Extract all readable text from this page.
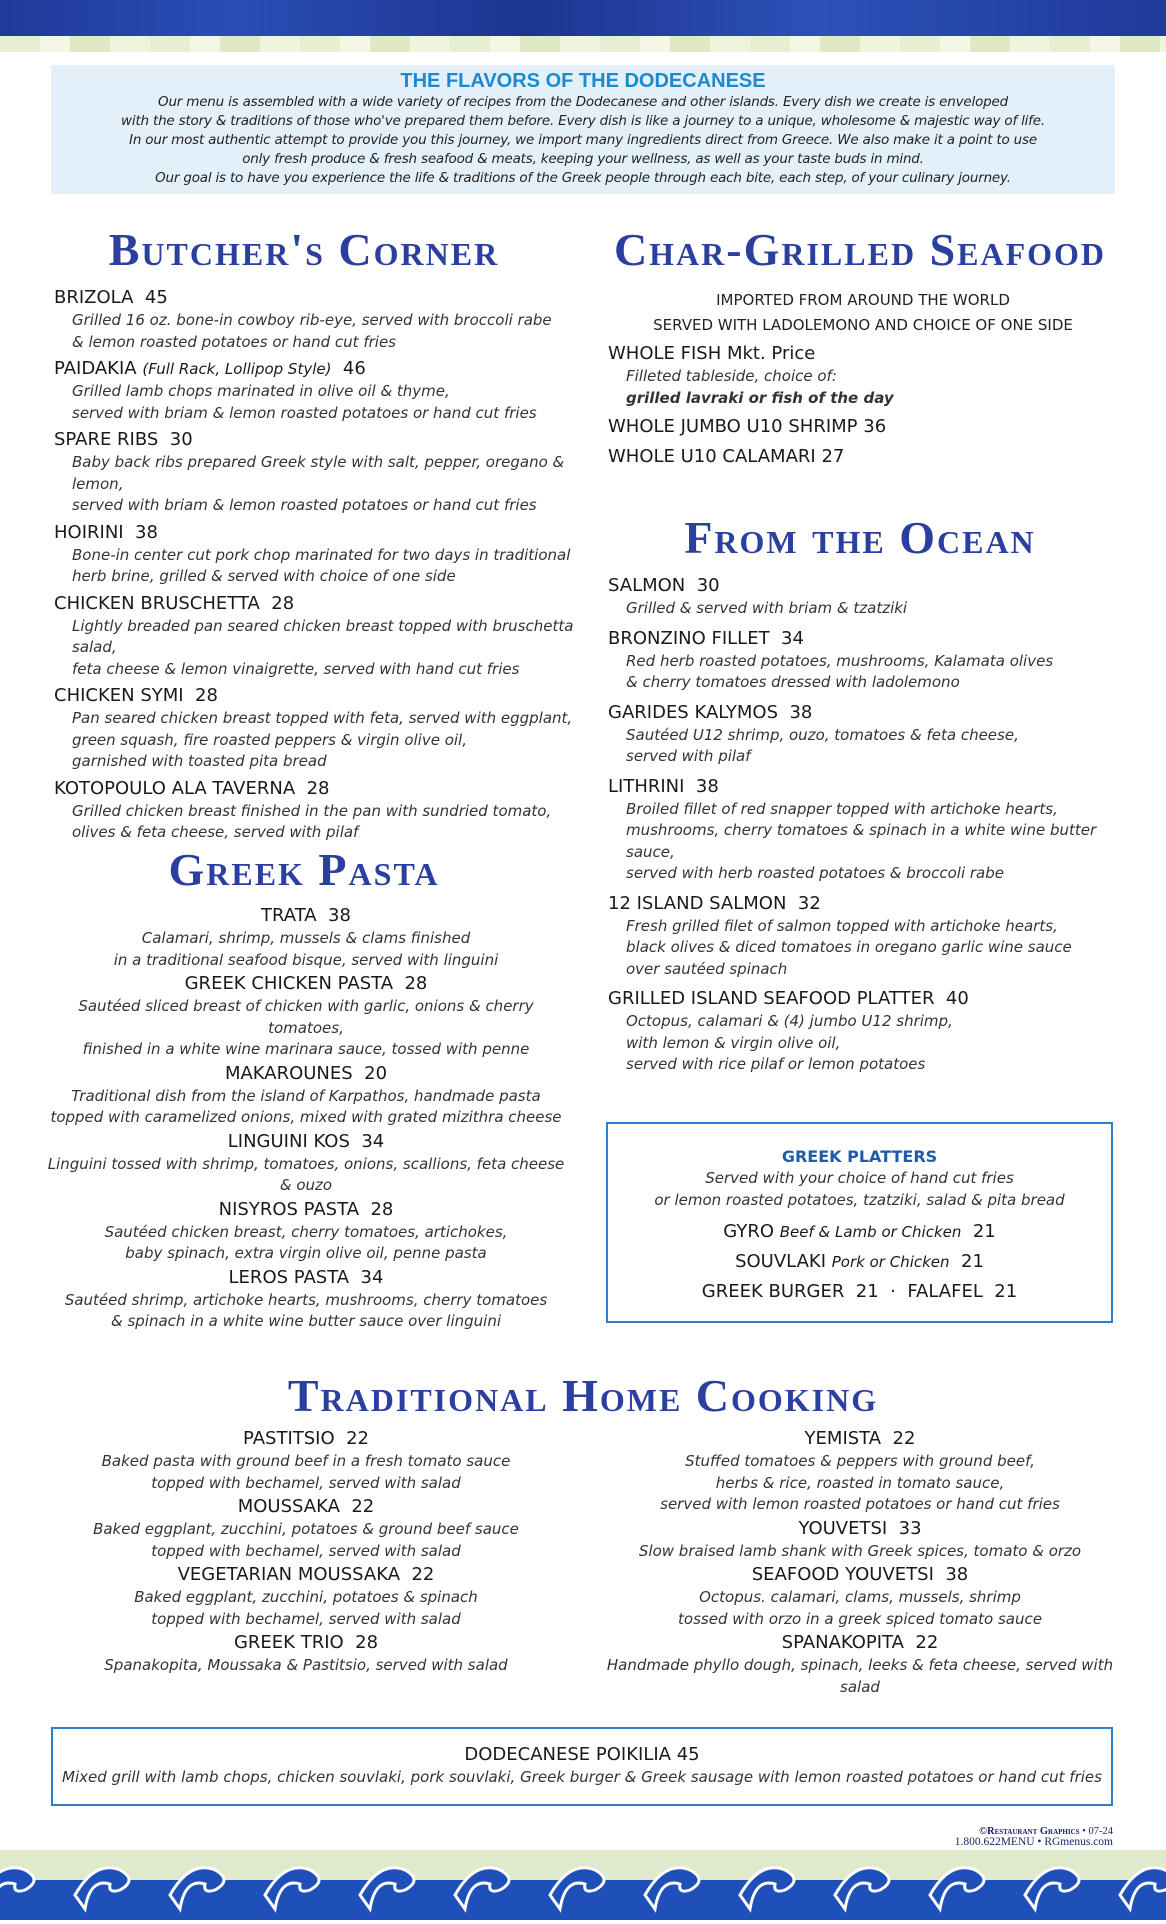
THE FLAVORS OF THE DODECANESE

Our menu is assembled with a wide variety of recipes from the Dodecanese and other islands. Every dish we create is enveloped

with the story & traditions of those who've prepared them before. Every dish is like a journey to a unique, wholesome & majestic way of life.

In our most authentic attempt to provide you this journey, we import many ingredients direct from Greece. We also make it a point to use

only fresh produce & fresh seafood & meats, keeping your wellness, as well as your taste buds in mind.

Our goal is to have you experience the life & traditions of the Greek people through each bite, each step, of your culinary journey.

Butcher's Corner	Char-Grilled Seafood
BRIZOLA  45
Grilled 16 oz. bone-in cowboy rib-eye, served with broccoli rabe
& lemon roasted potatoes or hand cut fries
PAIDAKIA (Full Rack, Lollipop Style) 46
Grilled lamb chops marinated in olive oil & thyme,
served with briam & lemon roasted potatoes or hand cut fries
SPARE RIBS  30
Baby back ribs prepared Greek style with salt, pepper, oregano & lemon,
served with briam & lemon roasted potatoes or hand cut fries
HOIRINI  38
Bone-in center cut pork chop marinated for two days in traditional
herb brine, grilled & served with choice of one side
CHICKEN BRUSCHETTA  28
Lightly breaded pan seared chicken breast topped with bruschetta salad,
feta cheese & lemon vinaigrette, served with hand cut fries
CHICKEN SYMI  28
Pan seared chicken breast topped with feta, served with eggplant,
green squash, fire roasted peppers & virgin olive oil,
garnished with toasted pita bread
KOTOPOULO ALA TAVERNA  28
Grilled chicken breast finished in the pan with sundried tomato,
olives & feta cheese, served with pilaf
Greek Pasta
TRATA  38
Calamari, shrimp, mussels & clams finished
in a traditional seafood bisque, served with linguini
GREEK CHICKEN PASTA  28
Sautéed sliced breast of chicken with garlic, onions & cherry tomatoes,
finished in a white wine marinara sauce, tossed with penne
MAKAROUNES  20
Traditional dish from the island of Karpathos, handmade pasta
topped with caramelized onions, mixed with grated mizithra cheese
LINGUINI KOS  34
Linguini tossed with shrimp, tomatoes, onions, scallions, feta cheese & ouzo
NISYROS PASTA  28
Sautéed chicken breast, cherry tomatoes, artichokes,
baby spinach, extra virgin olive oil, penne pasta
LEROS PASTA  34
Sautéed shrimp, artichoke hearts, mushrooms, cherry tomatoes
& spinach in a white wine butter sauce over linguini
IMPORTED FROM AROUND THE WORLD
SERVED WITH LADOLEMONO AND CHOICE OF ONE SIDE
WHOLE FISH Mkt. Price
Filleted tableside, choice of:
grilled lavraki or fish of the day
WHOLE JUMBO U10 SHRIMP 36
WHOLE U10 CALAMARI 27
From the Ocean
SALMON  30
Grilled & served with briam & tzatziki
BRONZINO FILLET  34
Red herb roasted potatoes, mushrooms, Kalamata olives
& cherry tomatoes dressed with ladolemono
GARIDES KALYMOS  38
Sautéed U12 shrimp, ouzo, tomatoes & feta cheese,
served with pilaf
LITHRINI  38
Broiled fillet of red snapper topped with artichoke hearts,
mushrooms, cherry tomatoes & spinach in a white wine butter sauce,
served with herb roasted potatoes & broccoli rabe
12 ISLAND SALMON  32
Fresh grilled filet of salmon topped with artichoke hearts,
black olives & diced tomatoes in oregano garlic wine sauce
over sautéed spinach
GRILLED ISLAND SEAFOOD PLATTER  40
Octopus, calamari & (4) jumbo U12 shrimp,
with lemon & virgin olive oil,
served with rice pilaf or lemon potatoes
GREEK PLATTERS
Served with your choice of hand cut fries
or lemon roasted potatoes, tzatziki, salad & pita bread
GYRO Beef & Lamb or Chicken 21
SOUVLAKI Pork or Chicken 21
GREEK BURGER  21  ·  FALAFEL  21
Traditional Home Cooking
PASTITSIO  22
Baked pasta with ground beef in a fresh tomato sauce
topped with bechamel, served with salad
MOUSSAKA  22
Baked eggplant, zucchini, potatoes & ground beef sauce
topped with bechamel, served with salad
VEGETARIAN MOUSSAKA  22
Baked eggplant, zucchini, potatoes & spinach
topped with bechamel, served with salad
GREEK TRIO  28
Spanakopita, Moussaka & Pastitsio, served with salad
YEMISTA  22
Stuffed tomatoes & peppers with ground beef,
herbs & rice, roasted in tomato sauce,
served with lemon roasted potatoes or hand cut fries
YOUVETSI  33
Slow braised lamb shank with Greek spices, tomato & orzo
SEAFOOD YOUVETSI  38
Octopus. calamari, clams, mussels, shrimp
tossed with orzo in a greek spiced tomato sauce
SPANAKOPITA  22
Handmade phyllo dough, spinach, leeks & feta cheese, served with salad
DODECANESE POIKILIA 45
Mixed grill with lamb chops, chicken souvlaki, pork souvlaki, Greek burger & Greek sausage with lemon roasted potatoes or hand cut fries
©Restaurant Graphics • 07-24
1.800.622MENU • RGmenus.com
